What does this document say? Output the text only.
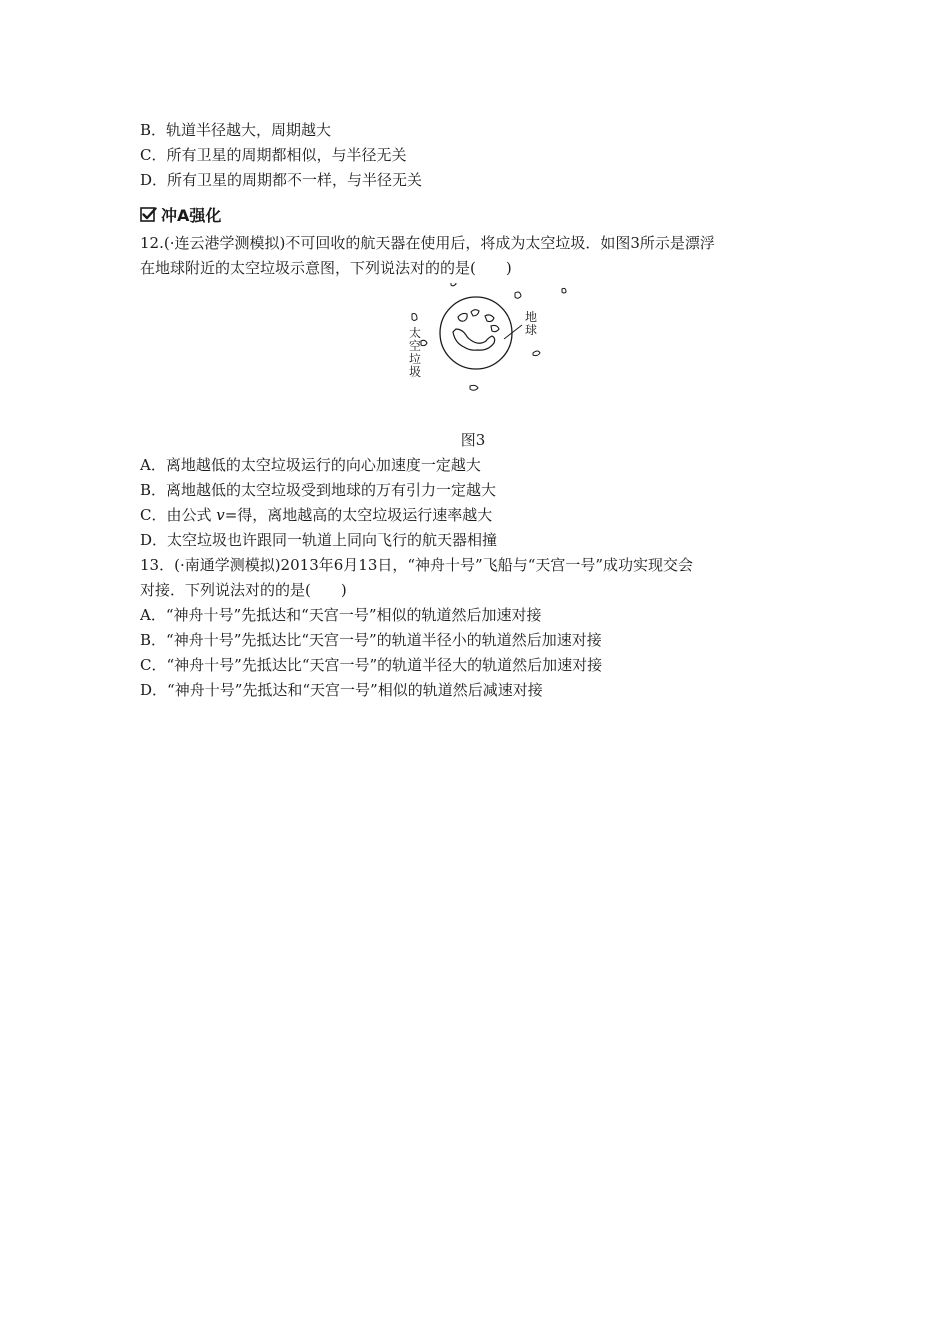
B．轨道半径越大，周期越大
C．所有卫星的周期都相似，与半径无关
D．所有卫星的周期都不一样，与半径无关
冲A强化
12.(·连云港学测模拟)不可回收的航天器在使用后，将成为太空垃圾．如图3所示是漂浮
在地球附近的太空垃圾示意图，下列说法对的的是(　　)
太空垃圾
地球
图3
A．离地越低的太空垃圾运行的向心加速度一定越大
B．离地越低的太空垃圾受到地球的万有引力一定越大
C．由公式 v=得，离地越高的太空垃圾运行速率越大
D．太空垃圾也许跟同一轨道上同向飞行的航天器相撞
13．(·南通学测模拟)2013年6月13日，“神舟十号”飞船与“天宫一号”成功实现交会
对接．下列说法对的的是(　　)
A．“神舟十号”先抵达和“天宫一号”相似的轨道然后加速对接
B．“神舟十号”先抵达比“天宫一号”的轨道半径小的轨道然后加速对接
C．“神舟十号”先抵达比“天宫一号”的轨道半径大的轨道然后加速对接
D．“神舟十号”先抵达和“天宫一号”相似的轨道然后减速对接
